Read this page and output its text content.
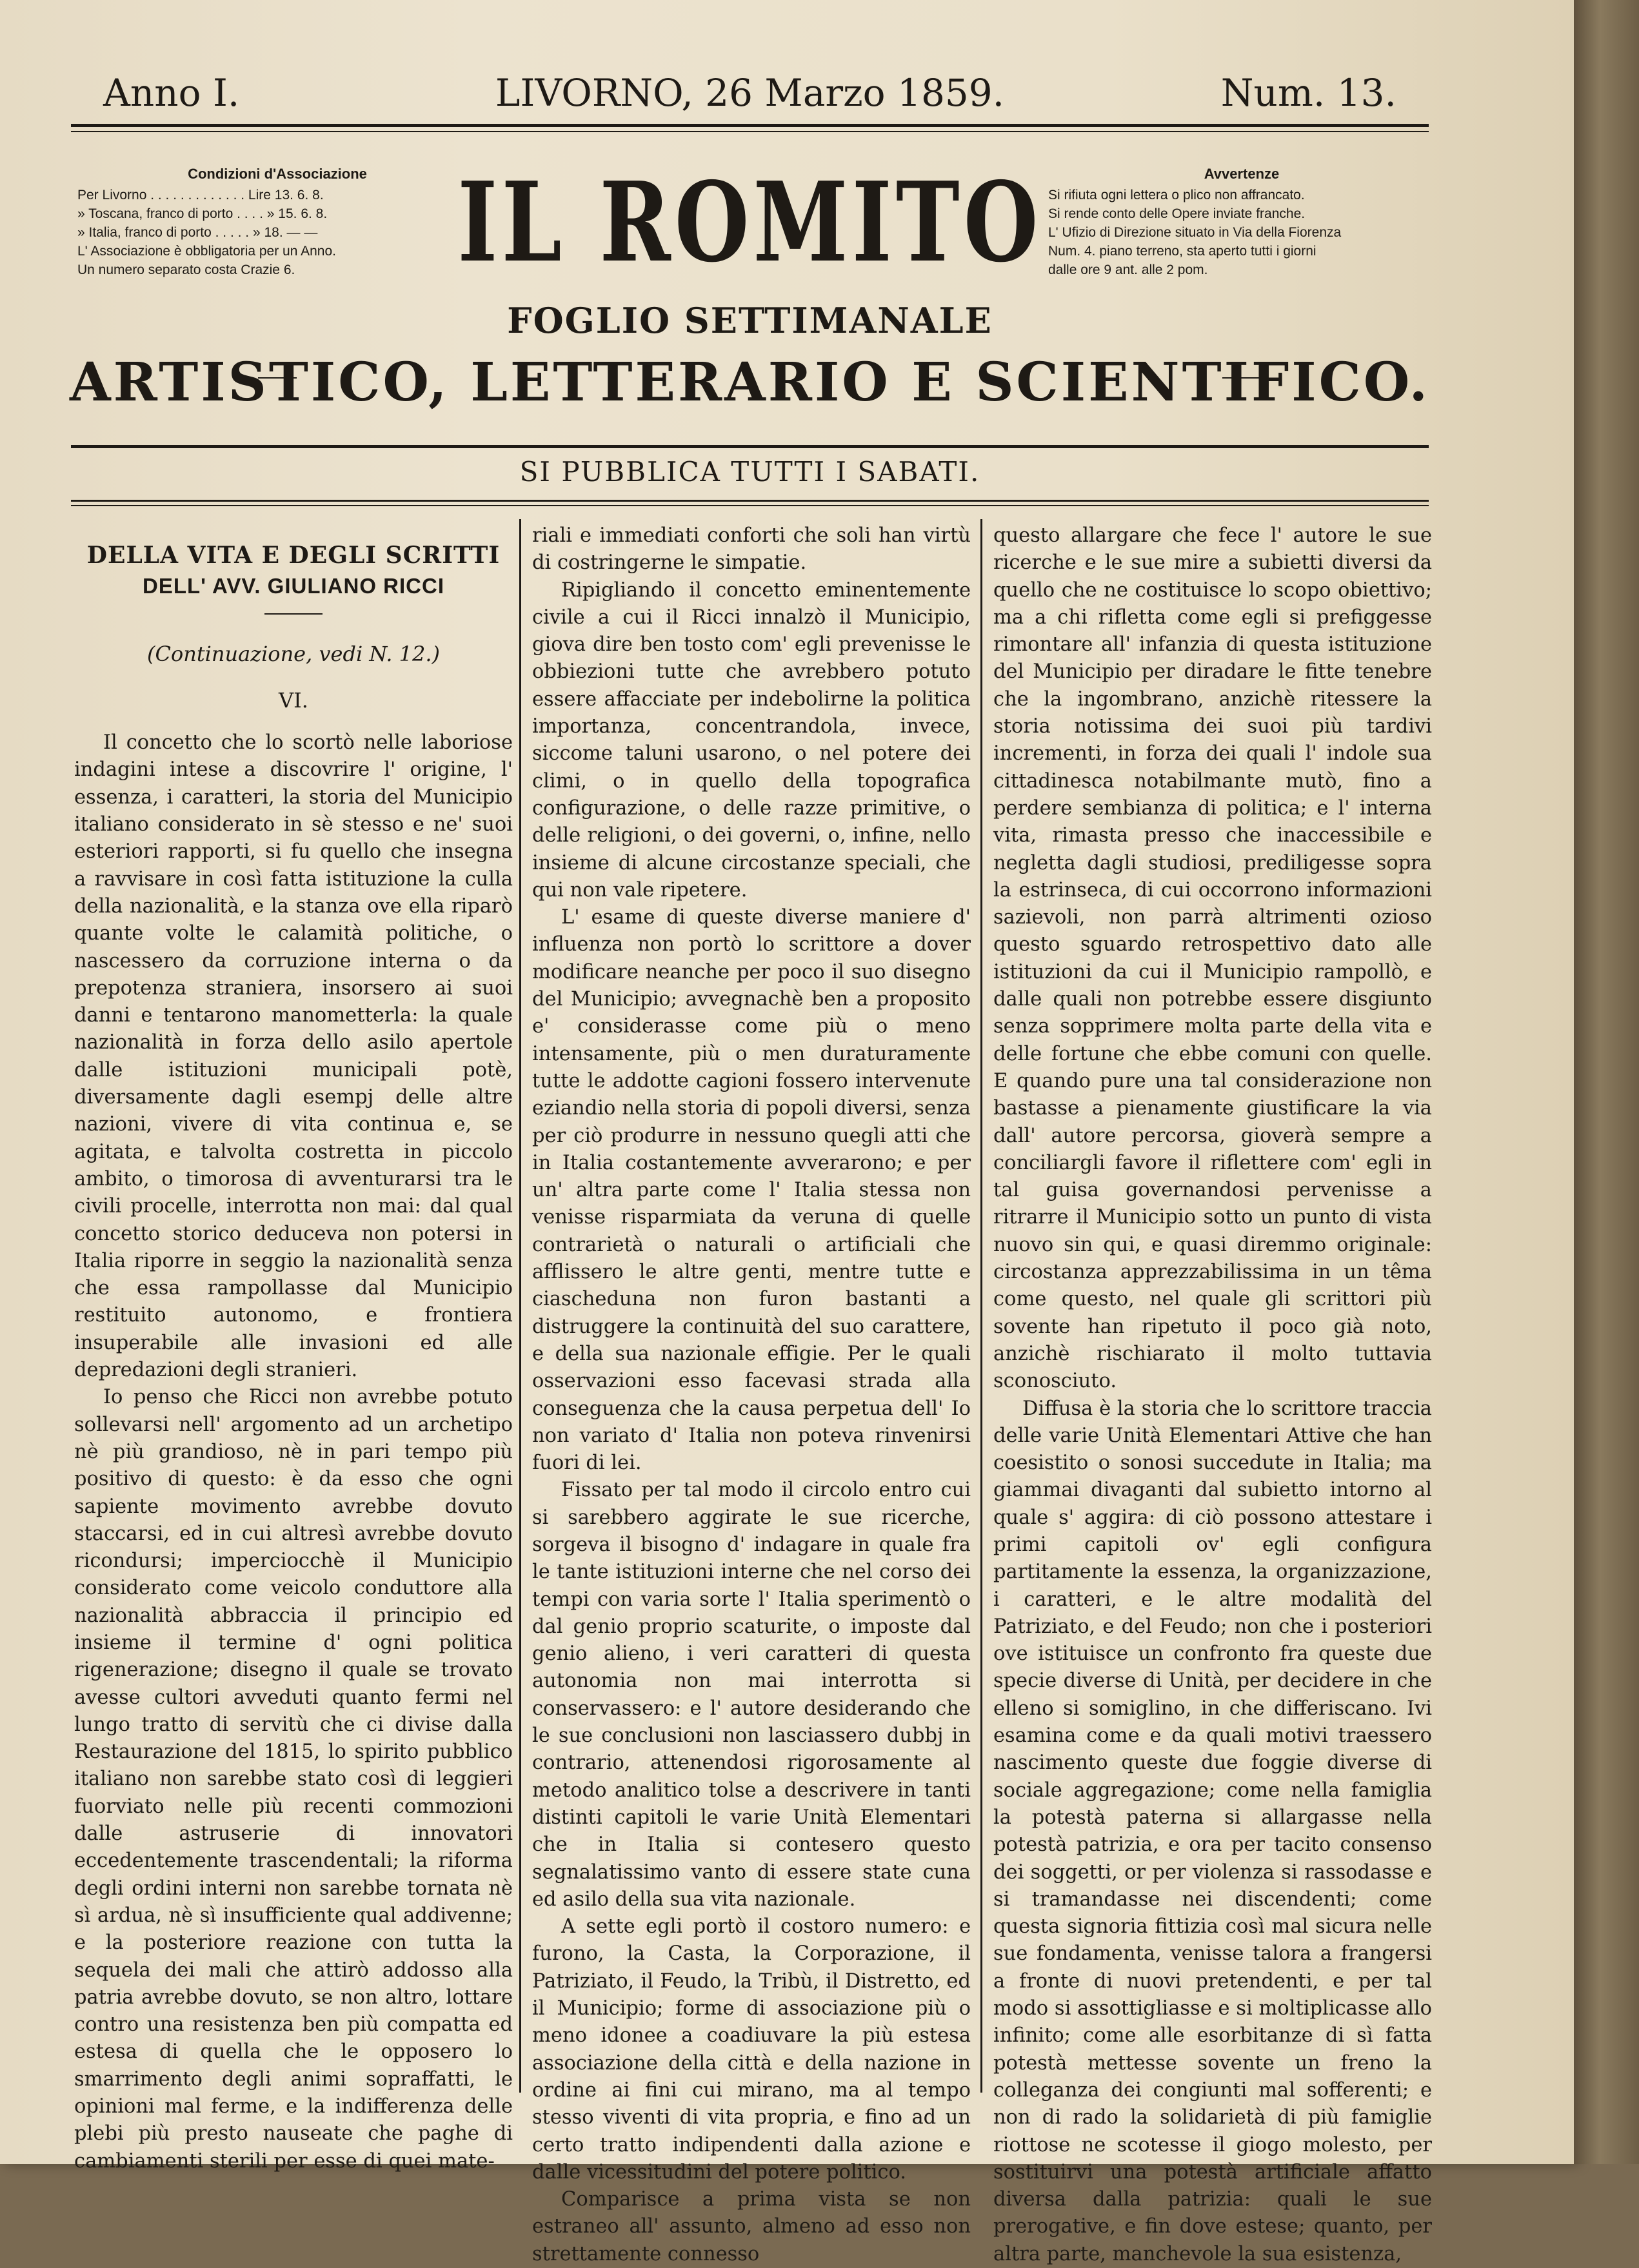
Anno I.	LIVORNO, 26 Marzo 1859.	Num. 13.
Condizioni d'Associazione
Per Livorno . . . . . . . . . . . . . Lire 13. 6. 8.
» Toscana, franco di porto . . . . » 15. 6. 8.
» Italia, franco di porto . . . . . » 18. — —
L' Associazione è obbligatoria per un Anno.
Un numero separato costa Crazie 6.	IL ROMITO	Avvertenze
Si rifiuta ogni lettera o plico non affrancato.
Si rende conto delle Opere inviate franche.
L' Ufizio di Direzione situato in Via della Fiorenza
Num. 4. piano terreno, sta aperto tutti i giorni
dalle ore 9 ant. alle 2 pom.
FOGLIO SETTIMANALE
ARTISTICO, LETTERARIO E SCIENTIFICO.
SI PUBBLICA TUTTI I SABATI.
DELLA VITA E DEGLI SCRITTI
DELL' AVV. GIULIANO RICCI
(Continuazione, vedi N. 12.)
VI.

Il concetto che lo scortò nelle laboriose indagini intese a discovrire l' origine, l' essenza, i caratteri, la storia del Municipio italiano considerato in sè stesso e ne' suoi esteriori rapporti, si fu quello che insegna a ravvisare in così fatta istituzione la culla della nazionalità, e la stanza ove ella riparò quante volte le calamità politiche, o nascessero da corruzione interna o da prepotenza straniera, insorsero ai suoi danni e tentarono manometterla: la quale nazionalità in forza dello asilo apertole dalle istituzioni municipali potè, diversamente dagli esempj delle altre nazioni, vivere di vita continua e, se agitata, e talvolta costretta in piccolo ambito, o timorosa di avventurarsi tra le civili procelle, interrotta non mai: dal qual concetto storico deduceva non potersi in Italia riporre in seggio la nazionalità senza che essa rampollasse dal Municipio restituito autonomo, e frontiera insuperabile alle invasioni ed alle depredazioni degli stranieri.

Io penso che Ricci non avrebbe potuto sollevarsi nell' argomento ad un archetipo nè più grandioso, nè in pari tempo più positivo di questo: è da esso che ogni sapiente movimento avrebbe dovuto staccarsi, ed in cui altresì avrebbe dovuto ricondursi; imperciocchè il Municipio considerato come veicolo conduttore alla nazionalità abbraccia il principio ed insieme il termine d' ogni politica rigenerazione; disegno il quale se trovato avesse cultori avveduti quanto fermi nel lungo tratto di servitù che ci divise dalla Restaurazione del 1815, lo spirito pubblico italiano non sarebbe stato così di leggieri fuorviato nelle più recenti commozioni dalle astruserie di innovatori eccedentemente trascendentali; la riforma degli ordini interni non sarebbe tornata nè sì ardua, nè sì insufficiente qual addivenne; e la posteriore reazione con tutta la sequela dei mali che attirò addosso alla patria avrebbe dovuto, se non altro, lottare contro una resistenza ben più compatta ed estesa di quella che le opposero lo smarrimento degli animi sopraffatti, le opinioni mal ferme, e la indifferenza delle plebi più presto nauseate che paghe di cambiamenti sterili per esse di quei mate-

riali e immediati conforti che soli han virtù di costringerne le simpatie.

Ripigliando il concetto eminentemente civile a cui il Ricci innalzò il Municipio, giova dire ben tosto com' egli prevenisse le obbiezioni tutte che avrebbero potuto essere affacciate per indebolirne la politica importanza, concentrandola, invece, siccome taluni usarono, o nel potere dei climi, o in quello della topografica configurazione, o delle razze primitive, o delle religioni, o dei governi, o, infine, nello insieme di alcune circostanze speciali, che qui non vale ripetere.

L' esame di queste diverse maniere d' influenza non portò lo scrittore a dover modificare neanche per poco il suo disegno del Municipio; avvegnachè ben a proposito e' considerasse come più o meno intensamente, più o men duraturamente tutte le addotte cagioni fossero intervenute eziandio nella storia di popoli diversi, senza per ciò produrre in nessuno quegli atti che in Italia costantemente avverarono; e per un' altra parte come l' Italia stessa non venisse risparmiata da veruna di quelle contrarietà o naturali o artificiali che afflissero le altre genti, mentre tutte e ciascheduna non furon bastanti a distruggere la continuità del suo carattere, e della sua nazionale effigie. Per le quali osservazioni esso facevasi strada alla conseguenza che la causa perpetua dell' Io non variato d' Italia non poteva rinvenirsi fuori di lei.

Fissato per tal modo il circolo entro cui si sarebbero aggirate le sue ricerche, sorgeva il bisogno d' indagare in quale fra le tante istituzioni interne che nel corso dei tempi con varia sorte l' Italia sperimentò o dal genio proprio scaturite, o imposte dal genio alieno, i veri caratteri di questa autonomia non mai interrotta si conservassero: e l' autore desiderando che le sue conclusioni non lasciassero dubbj in contrario, attenendosi rigorosamente al metodo analitico tolse a descrivere in tanti distinti capitoli le varie Unità Elementari che in Italia si contesero questo segnalatissimo vanto di essere state cuna ed asilo della sua vita nazionale.

A sette egli portò il costoro numero: e furono, la Casta, la Corporazione, il Patriziato, il Feudo, la Tribù, il Distretto, ed il Municipio; forme di associazione più o meno idonee a coadiuvare la più estesa associazione della città e della nazione in ordine ai fini cui mirano, ma al tempo stesso viventi di vita propria, e fino ad un certo tratto indipendenti dalla azione e dalle vicessitudini del potere politico.

Comparisce a prima vista se non estraneo all' assunto, almeno ad esso non strettamente connesso

questo allargare che fece l' autore le sue ricerche e le sue mire a subietti diversi da quello che ne costituisce lo scopo obiettivo; ma a chi rifletta come egli si prefiggesse rimontare all' infanzia di questa istituzione del Municipio per diradare le fitte tenebre che la ingombrano, anzichè ritessere la storia notissima dei suoi più tardivi incrementi, in forza dei quali l' indole sua cittadinesca notabilmante mutò, fino a perdere sembianza di politica; e l' interna vita, rimasta presso che inaccessibile e negletta dagli studiosi, prediligesse sopra la estrinseca, di cui occorrono informazioni sazievoli, non parrà altrimenti ozioso questo sguardo retrospettivo dato alle istituzioni da cui il Municipio rampollò, e dalle quali non potrebbe essere disgiunto senza sopprimere molta parte della vita e delle fortune che ebbe comuni con quelle. E quando pure una tal considerazione non bastasse a pienamente giustificare la via dall' autore percorsa, gioverà sempre a conciliargli favore il riflettere com' egli in tal guisa governandosi pervenisse a ritrarre il Municipio sotto un punto di vista nuovo sin qui, e quasi diremmo originale: circostanza apprezzabilissima in un têma come questo, nel quale gli scrittori più sovente han ripetuto il poco già noto, anzichè rischiarato il molto tuttavia sconosciuto.

Diffusa è la storia che lo scrittore traccia delle varie Unità Elementari Attive che han coesistito o sonosi succedute in Italia; ma giammai divaganti dal subietto intorno al quale s' aggira: di ciò possono attestare i primi capitoli ov' egli configura partitamente la essenza, la organizzazione, i caratteri, e le altre modalità del Patriziato, e del Feudo; non che i posteriori ove istituisce un confronto fra queste due specie diverse di Unità, per decidere in che elleno si somiglino, in che differiscano. Ivi esamina come e da quali motivi traessero nascimento queste due foggie diverse di sociale aggregazione; come nella famiglia la potestà paterna si allargasse nella potestà patrizia, e ora per tacito consenso dei soggetti, or per violenza si rassodasse e si tramandasse nei discendenti; come questa signoria fittizia così mal sicura nelle sue fondamenta, venisse talora a frangersi a fronte di nuovi pretendenti, e per tal modo si assottigliasse e si moltiplicasse allo infinito; come alle esorbitanze di sì fatta potestà mettesse sovente un freno la colleganza dei congiunti mal sofferenti; e non di rado la solidarietà di più famiglie riottose ne scotesse il giogo molesto, per sostituirvi una potestà artificiale affatto diversa dalla patrizia: quali le sue prerogative, e fin dove estese; quanto, per altra parte, manchevole la sua esistenza,
